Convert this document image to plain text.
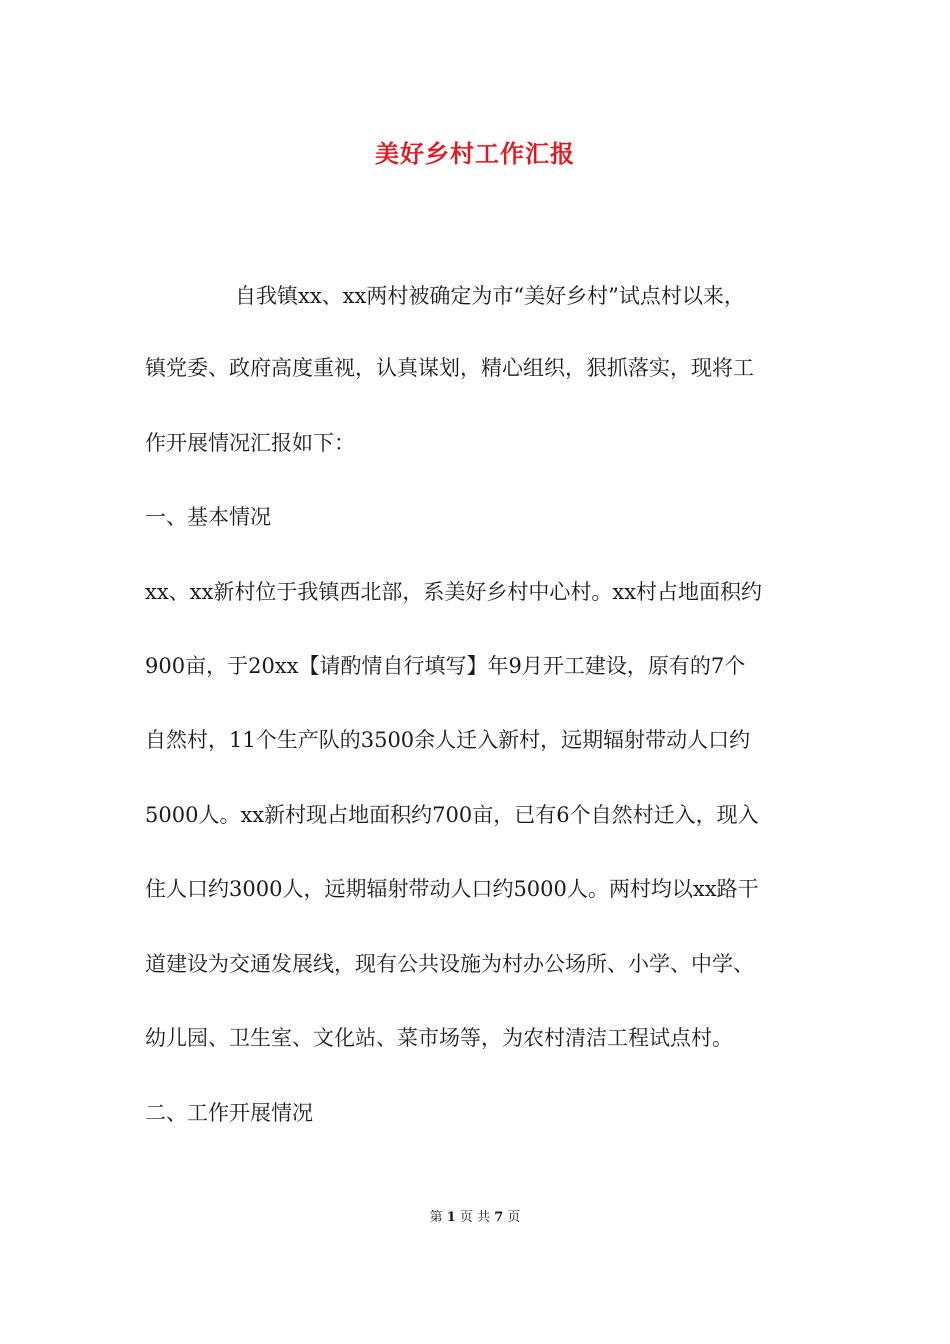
美好乡村工作汇报
自我镇xx、xx两村被确定为市“美好乡村”试点村以来，
镇党委、政府高度重视，认真谋划，精心组织，狠抓落实，现将工
作开展情况汇报如下：
一、基本情况
xx、xx新村位于我镇西北部，系美好乡村中心村。xx村占地面积约
900亩，于20xx【请酌情自行填写】年9月开工建设，原有的7个
自然村，11个生产队的3500余人迁入新村，远期辐射带动人口约
5000人。xx新村现占地面积约700亩，已有6个自然村迁入，现入
住人口约3000人，远期辐射带动人口约5000人。两村均以xx路干
道建设为交通发展线，现有公共设施为村办公场所、小学、中学、
幼儿园、卫生室、文化站、菜市场等，为农村清洁工程试点村。
二、工作开展情况
第 1 页 共 7 页
